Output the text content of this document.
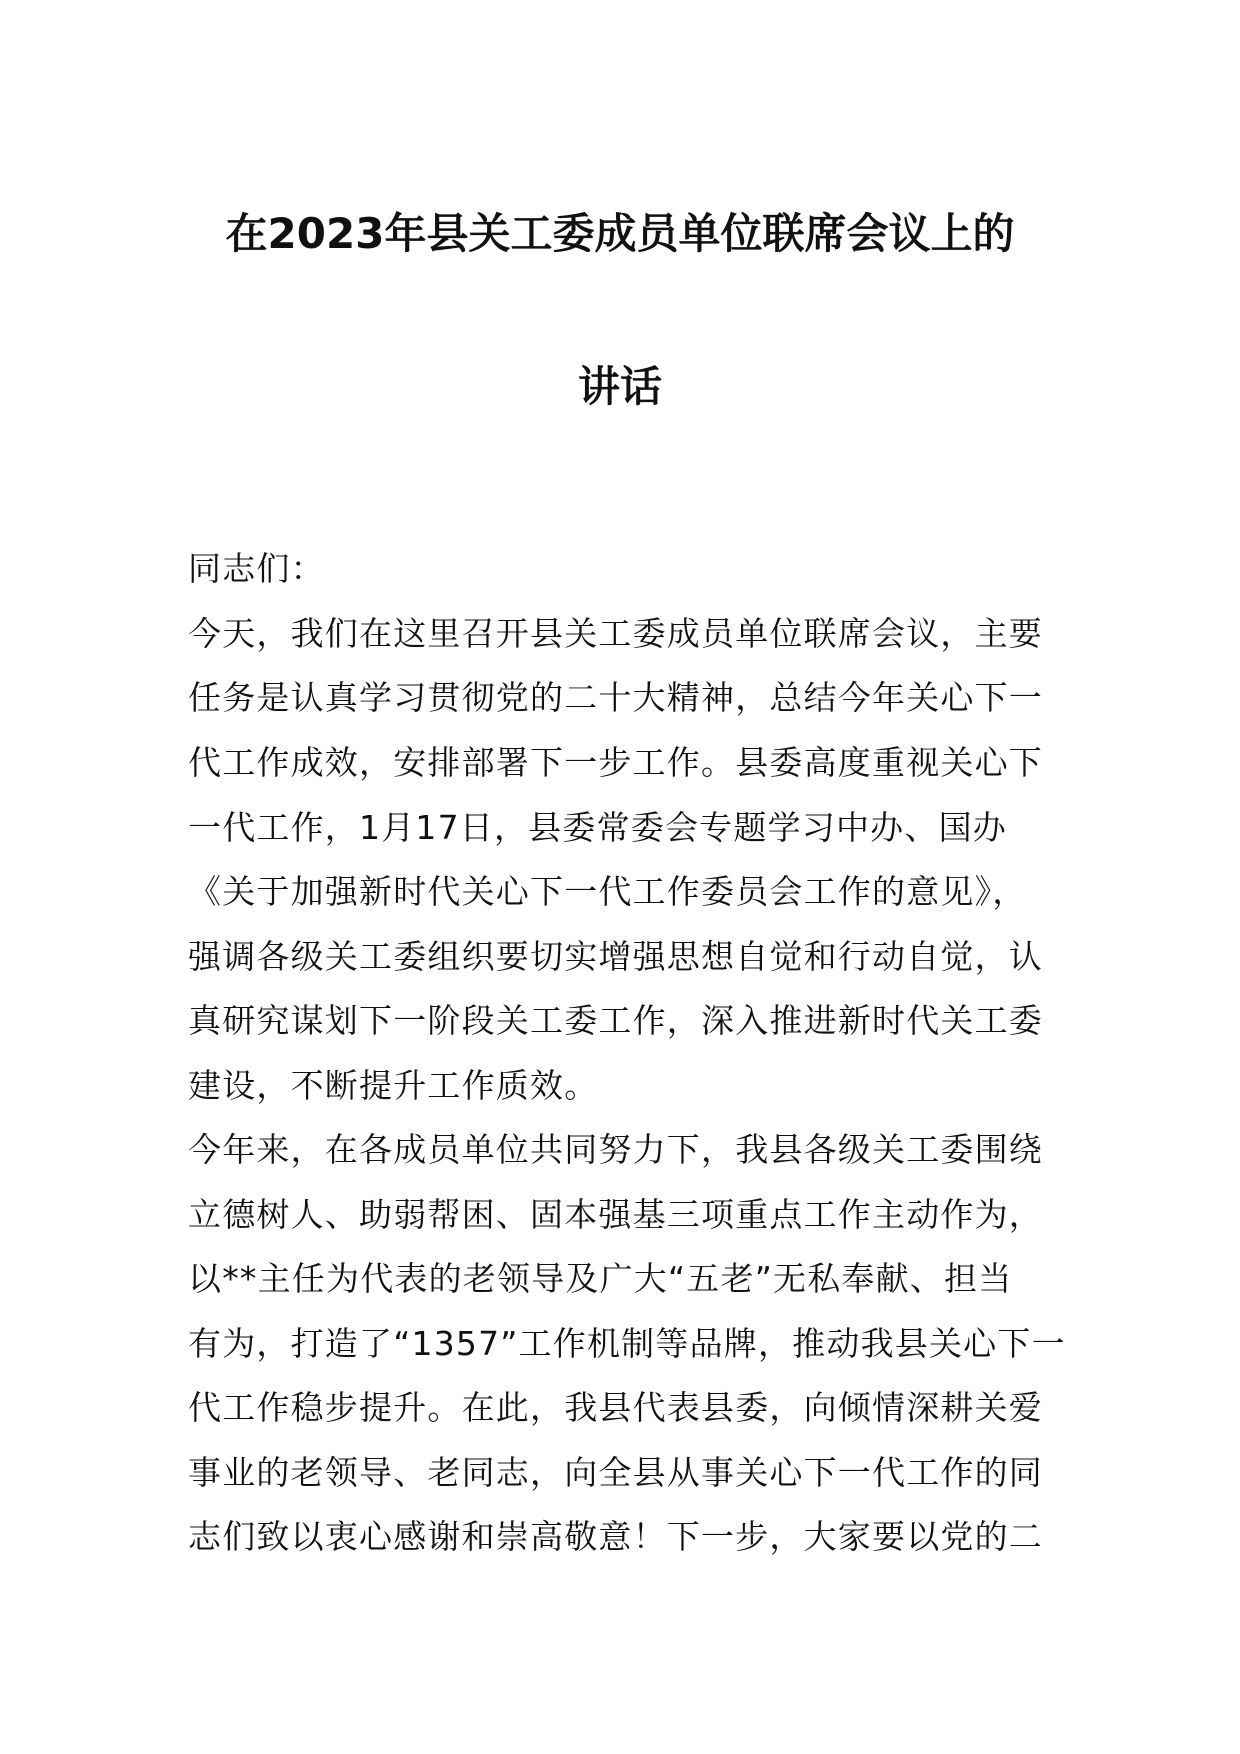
在2023年县关工委成员单位联席会议上的
讲话
同志们：
今天，我们在这里召开县关工委成员单位联席会议，主要
任务是认真学习贯彻党的二十大精神，总结今年关心下一
代工作成效，安排部署下一步工作。县委高度重视关心下
一代工作，1月17日，县委常委会专题学习中办、国办
《关于加强新时代关心下一代工作委员会工作的意见》，
强调各级关工委组织要切实增强思想自觉和行动自觉，认
真研究谋划下一阶段关工委工作，深入推进新时代关工委
建设，不断提升工作质效。
今年来，在各成员单位共同努力下，我县各级关工委围绕
立德树人、助弱帮困、固本强基三项重点工作主动作为，
以**主任为代表的老领导及广大“五老”无私奉献、担当
有为，打造了“1357”工作机制等品牌，推动我县关心下一
代工作稳步提升。在此，我县代表县委，向倾情深耕关爱
事业的老领导、老同志，向全县从事关心下一代工作的同
志们致以衷心感谢和崇高敬意！下一步，大家要以党的二
